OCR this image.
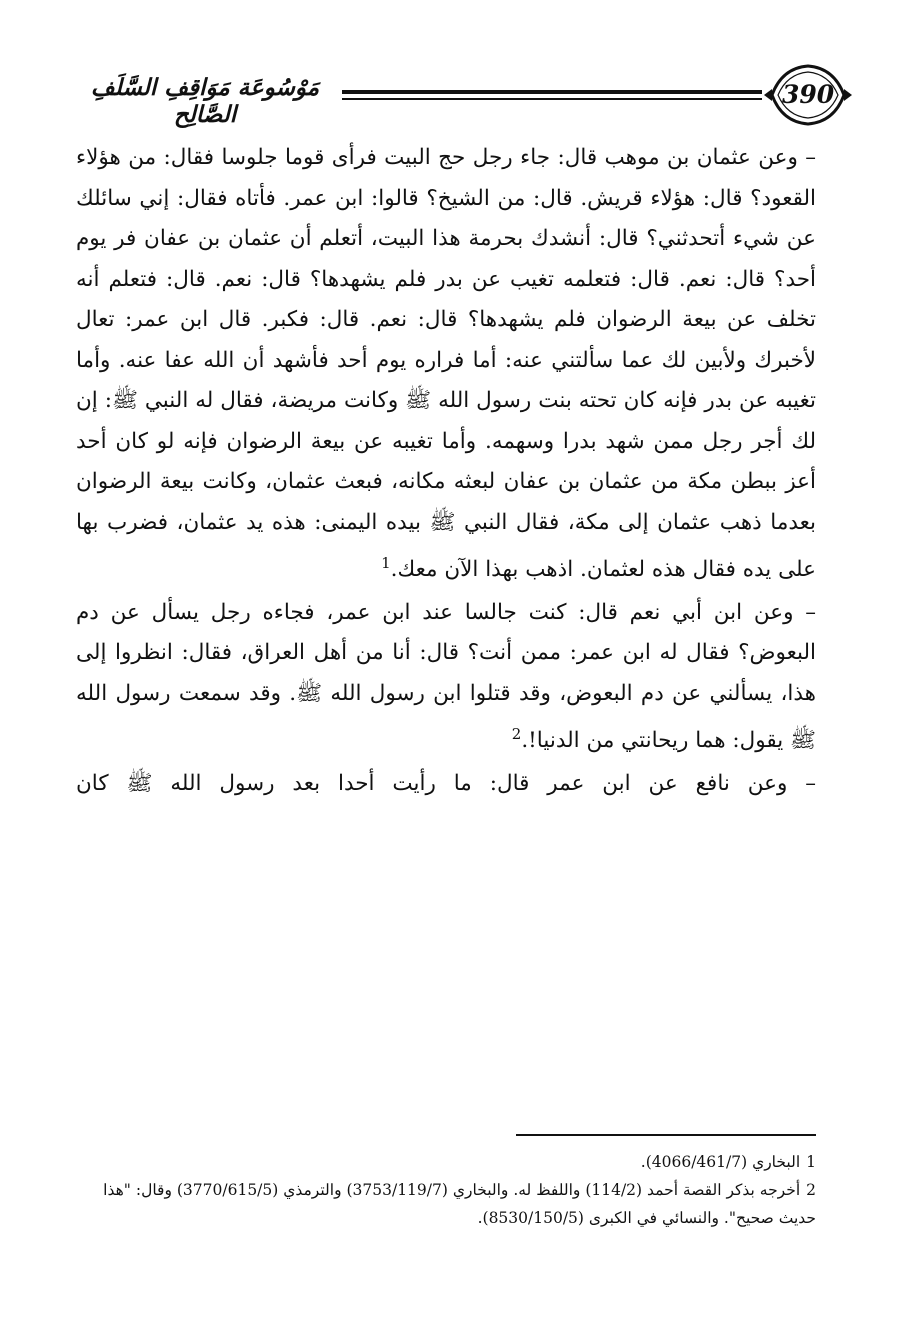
مَوْسُوعَة مَوَاقِفِ السَّلَفِ الصَّالِح
390

– وعن عثمان بن موهب قال: جاء رجل حج البيت فرأى قوما جلوسا فقال: من هؤلاء القعود؟ قال: هؤلاء قريش. قال: من الشيخ؟ قالوا: ابن عمر. فأتاه فقال: إني سائلك عن شيء أتحدثني؟ قال: أنشدك بحرمة هذا البيت، أتعلم أن عثمان بن عفان فر يوم أحد؟ قال: نعم. قال: فتعلمه تغيب عن بدر فلم يشهدها؟ قال: نعم. قال: فتعلم أنه تخلف عن بيعة الرضوان فلم يشهدها؟ قال: نعم. قال: فكبر. قال ابن عمر: تعال لأخبرك ولأبين لك عما سألتني عنه: أما فراره يوم أحد فأشهد أن الله عفا عنه. وأما تغيبه عن بدر فإنه كان تحته بنت رسول الله ﷺ وكانت مريضة، فقال له النبي ﷺ: إن لك أجر رجل ممن شهد بدرا وسهمه. وأما تغيبه عن بيعة الرضوان فإنه لو كان أحد أعز ببطن مكة من عثمان بن عفان لبعثه مكانه، فبعث عثمان، وكانت بيعة الرضوان بعدما ذهب عثمان إلى مكة، فقال النبي ﷺ بيده اليمنى: هذه يد عثمان، فضرب بها على يده فقال هذه لعثمان. اذهب بهذا الآن معك.$^1$

– وعن ابن أبي نعم قال: كنت جالسا عند ابن عمر، فجاءه رجل يسأل عن دم البعوض؟ فقال له ابن عمر: ممن أنت؟ قال: أنا من أهل العراق، فقال: انظروا إلى هذا، يسألني عن دم البعوض، وقد قتلوا ابن رسول الله ﷺ. وقد سمعت رسول الله ﷺ يقول: هما ريحانتي من الدنيا!.$^2$

– وعن نافع عن ابن عمر قال: ما رأيت أحدا بعد رسول الله ﷺ كان

1البخاري (4066/461/7).

2أخرجه بذكر القصة أحمد (114/2) واللفظ له. والبخاري (3753/119/7) والترمذي (3770/615/5) وقال: "هذا حديث صحيح". والنسائي في الكبرى (8530/150/5).
